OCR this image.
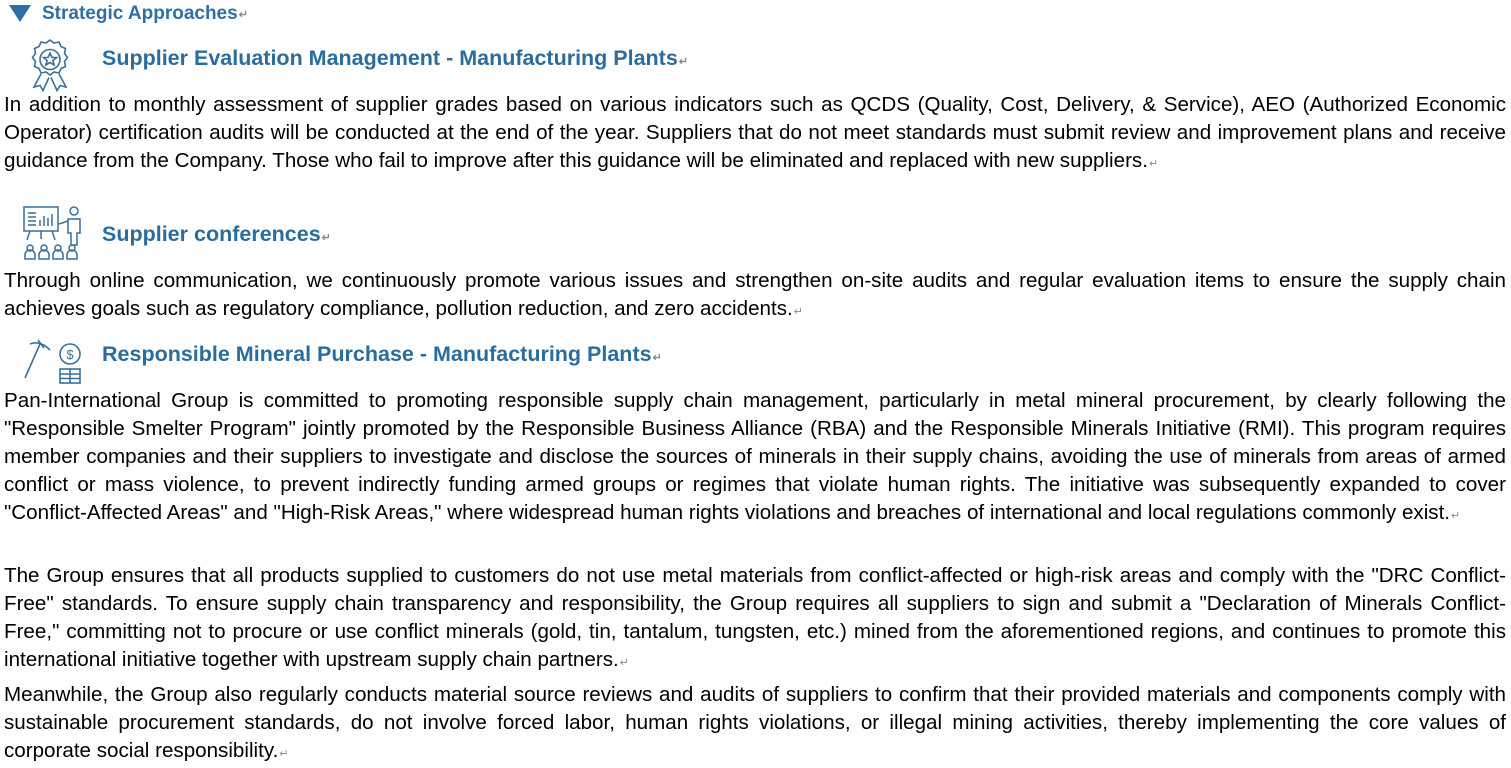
Strategic Approaches ↵
Supplier Evaluation Management - Manufacturing Plants↵

In addition to monthly assessment of supplier grades based on various indicators such as QCDS (Quality, Cost, Delivery, & Service), AEO (Authorized Economic Operator) certification audits will be conducted at the end of the year. Suppliers that do not meet standards must submit review and improvement plans and receive guidance from the Company. Those who fail to improve after this guidance will be eliminated and replaced with new suppliers.↵

Supplier conferences↵

Through online communication, we continuously promote various issues and strengthen on-site audits and regular evaluation items to ensure the supply chain achieves goals such as regulatory compliance, pollution reduction, and zero accidents.↵

$ Responsible Mineral Purchase - Manufacturing Plants↵

Pan-International Group is committed to promoting responsible supply chain management, particularly in metal mineral procurement, by clearly following the "Responsible Smelter Program" jointly promoted by the Responsible Business Alliance (RBA) and the Responsible Minerals Initiative (RMI). This program requires member companies and their suppliers to investigate and disclose the sources of minerals in their supply chains, avoiding the use of minerals from areas of armed conflict or mass violence, to prevent indirectly funding armed groups or regimes that violate human rights. The initiative was subsequently expanded to cover "Conflict-Affected Areas" and "High-Risk Areas," where widespread human rights violations and breaches of international and local regulations commonly exist.↵

The Group ensures that all products supplied to customers do not use metal materials from conflict-affected or high-risk areas and comply with the "DRC Conflict-Free" standards. To ensure supply chain transparency and responsibility, the Group requires all suppliers to sign and submit a "Declaration of Minerals Conflict-Free," committing not to procure or use conflict minerals (gold, tin, tantalum, tungsten, etc.) mined from the aforementioned regions, and continues to promote this international initiative together with upstream supply chain partners.↵

Meanwhile, the Group also regularly conducts material source reviews and audits of suppliers to confirm that their provided materials and components comply with sustainable procurement standards, do not involve forced labor, human rights violations, or illegal mining activities, thereby implementing the core values of corporate social responsibility.↵
